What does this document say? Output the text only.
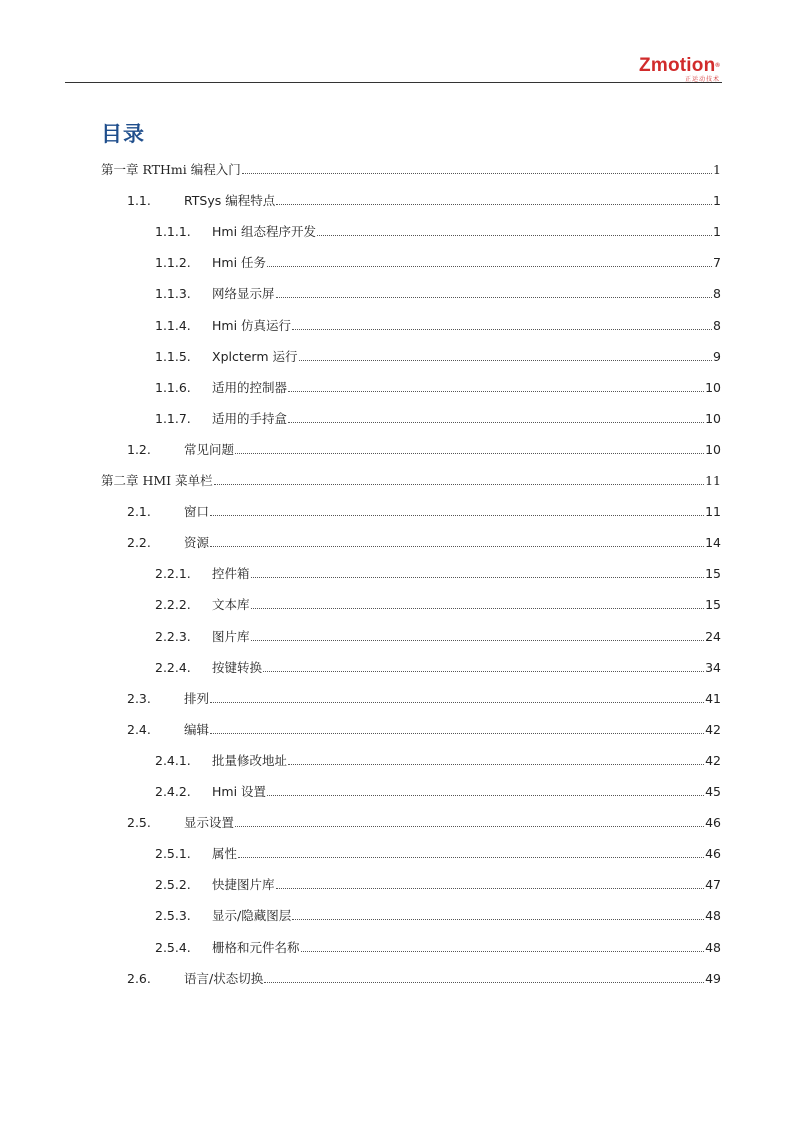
Zmotion®
正运动技术
目录
第一章 RTHmi 编程入门	1
1.1.	RTSys 编程特点	1
1.1.1.	Hmi 组态程序开发	1
1.1.2.	Hmi 任务	7
1.1.3.	网络显示屏	8
1.1.4.	Hmi 仿真运行	8
1.1.5.	Xplcterm 运行	9
1.1.6.	适用的控制器	10
1.1.7.	适用的手持盒	10
1.2.	常见问题	10
第二章 HMI 菜单栏	11
2.1.	窗口	11
2.2.	资源	14
2.2.1.	控件箱	15
2.2.2.	文本库	15
2.2.3.	图片库	24
2.2.4.	按键转换	34
2.3.	排列	41
2.4.	编辑	42
2.4.1.	批量修改地址	42
2.4.2.	Hmi 设置	45
2.5.	显示设置	46
2.5.1.	属性	46
2.5.2.	快捷图片库	47
2.5.3.	显示/隐藏图层	48
2.5.4.	栅格和元件名称	48
2.6.	语言/状态切换	49
